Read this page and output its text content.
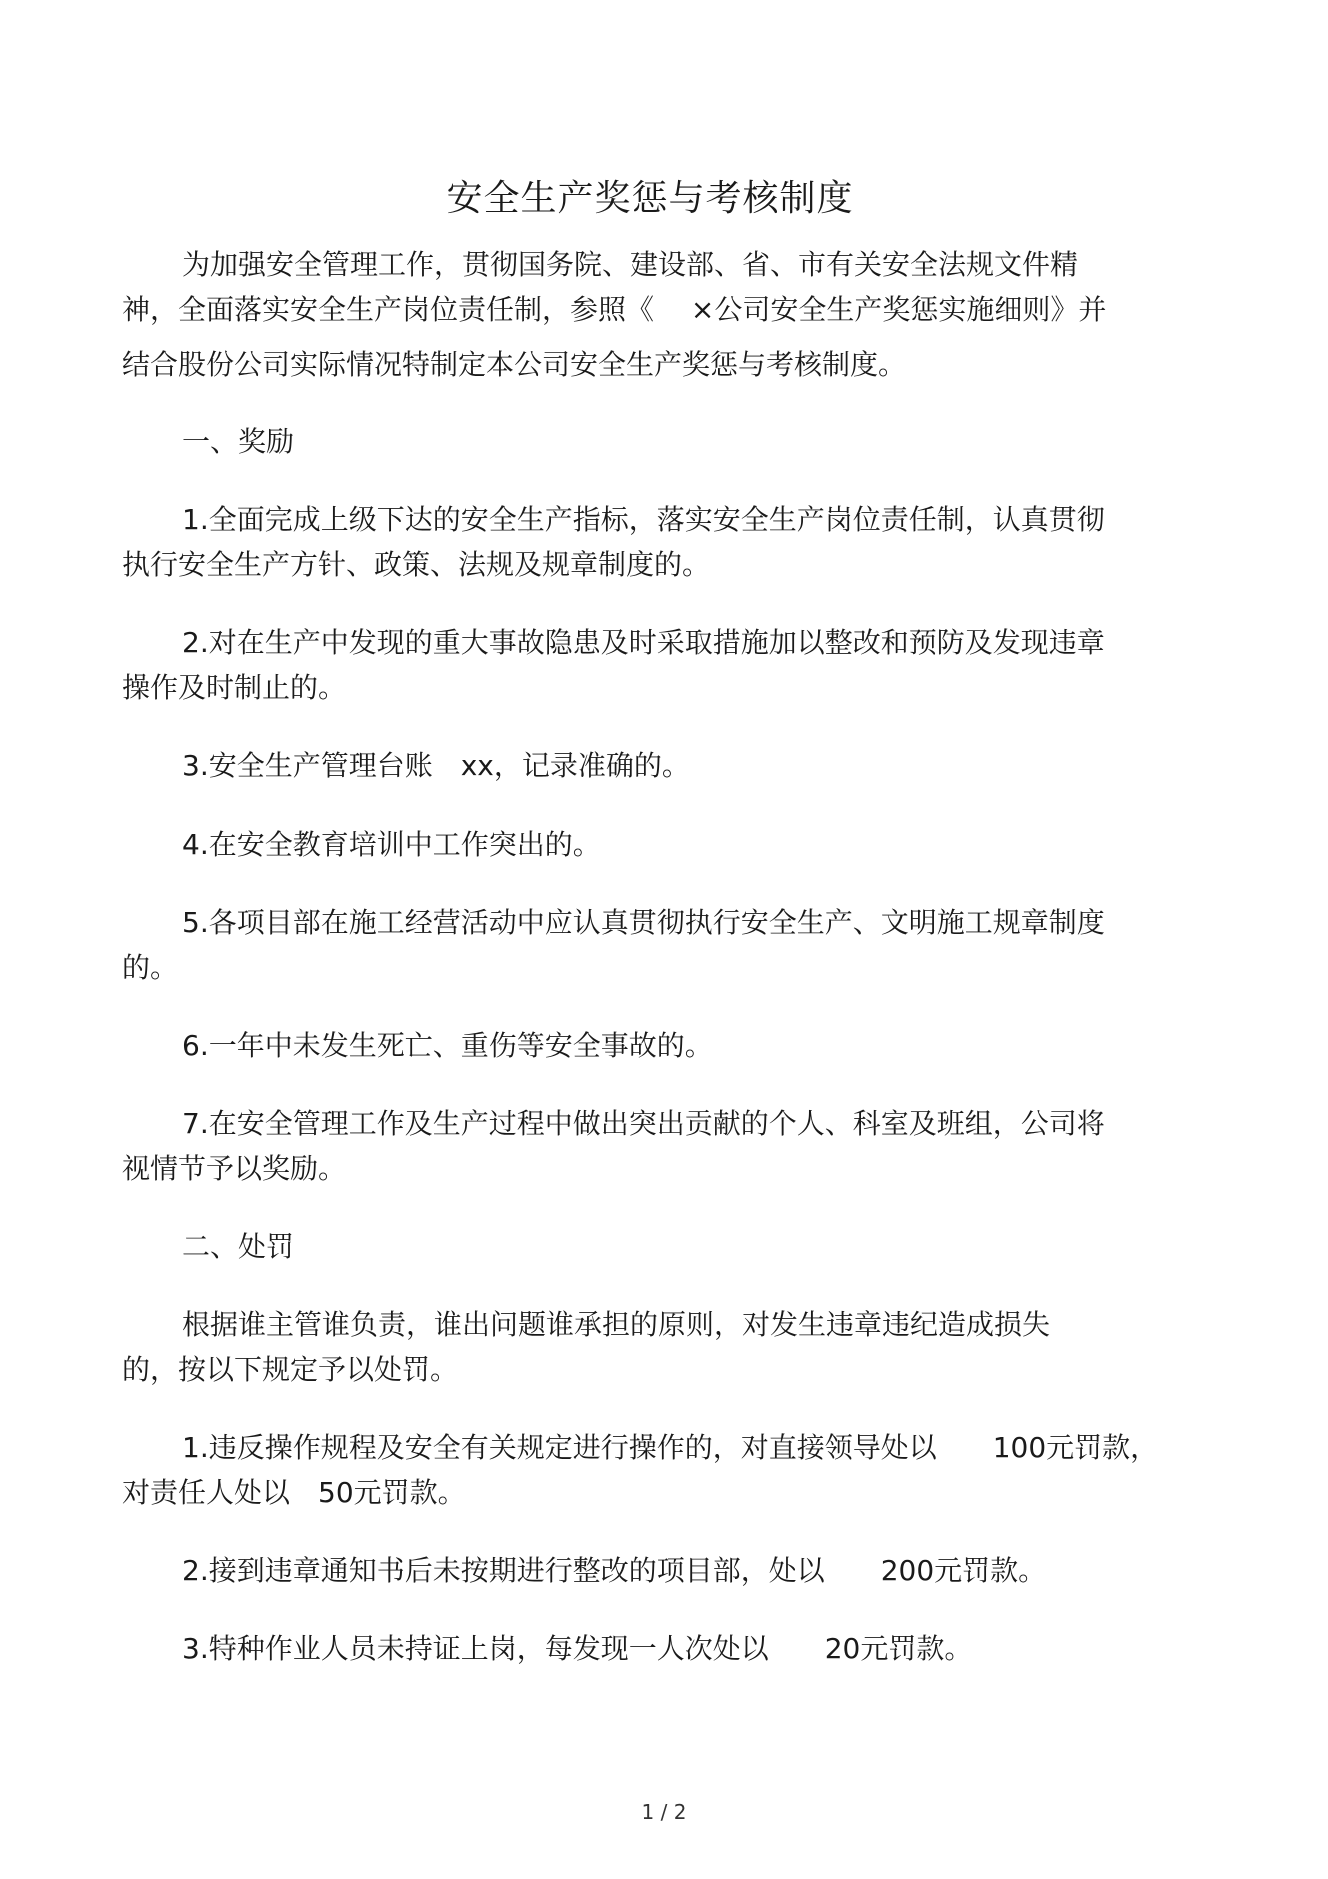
安全生产奖惩与考核制度
为加强安全管理工作，贯彻国务院、建设部、省、市有关安全法规文件精
神，全面落实安全生产岗位责任制，参照《　 ×公司安全生产奖惩实施细则》并
结合股份公司实际情况特制定本公司安全生产奖惩与考核制度。
一、奖励
1.全面完成上级下达的安全生产指标，落实安全生产岗位责任制，认真贯彻
执行安全生产方针、政策、法规及规章制度的。
2.对在生产中发现的重大事故隐患及时采取措施加以整改和预防及发现违章
操作及时制止的。
3.安全生产管理台账　xx，记录准确的。
4.在安全教育培训中工作突出的。
5.各项目部在施工经营活动中应认真贯彻执行安全生产、文明施工规章制度
的。
6.一年中未发生死亡、重伤等安全事故的。
7.在安全管理工作及生产过程中做出突出贡献的个人、科室及班组，公司将
视情节予以奖励。
二、处罚
根据谁主管谁负责，谁出问题谁承担的原则，对发生违章违纪造成损失
的，按以下规定予以处罚。
1.违反操作规程及安全有关规定进行操作的，对直接领导处以　　100元罚款，
对责任人处以　50元罚款。
2.接到违章通知书后未按期进行整改的项目部，处以　　200元罚款。
3.特种作业人员未持证上岗，每发现一人次处以　　20元罚款。
1 / 2
